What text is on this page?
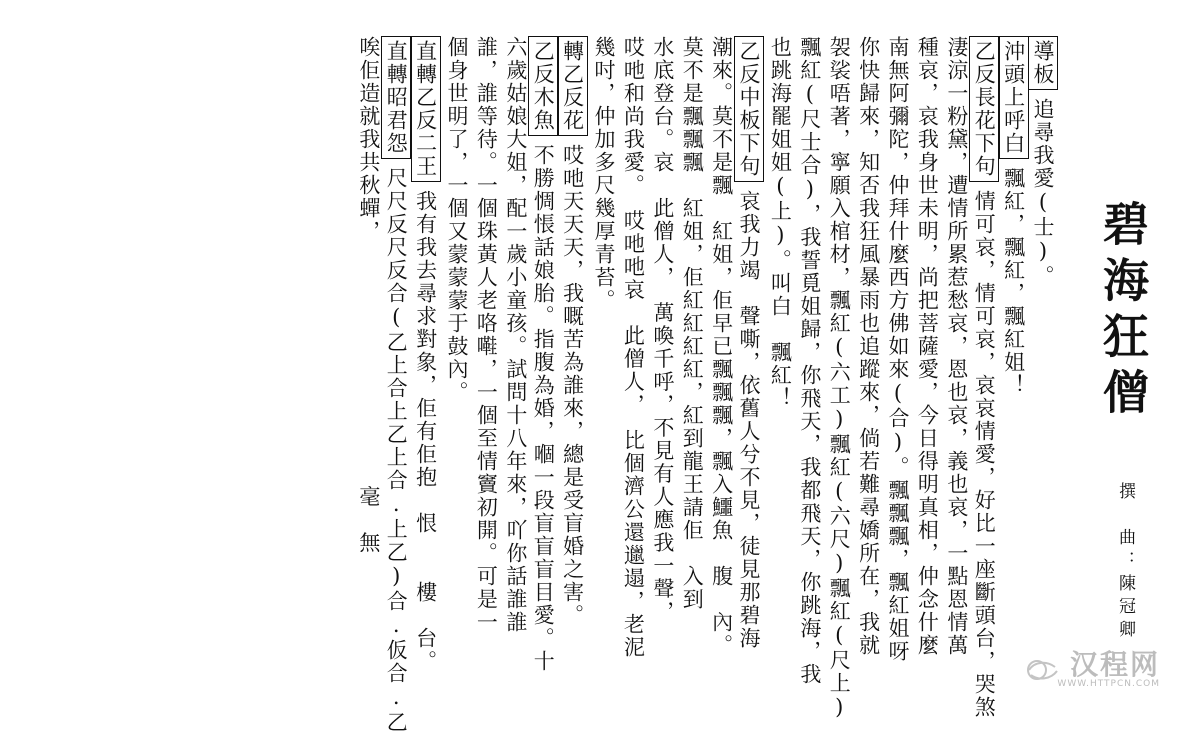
碧海狂僧
撰　曲：陳冠卿
導板追尋我愛(士)。
沖頭上呼白飄紅，飄紅，飄紅姐！
乙反長花下句情可哀，情可哀，哀哀情愛，好比一座斷頭台，哭煞
淒涼一粉黛，遭情所累惹愁哀，恩也哀，義也哀，一點恩情萬
種哀，哀我身世未明，尚把菩薩愛，今日得明真相，仲念什麼
南無阿彌陀，仲拜什麼西方佛如來(合)。飄飄飄，飄紅姐呀
你快歸來，知否我狂風暴雨也追蹤來，倘若難尋嬌所在，我就
袈裟唔著，寧願入棺材，飄紅(六工)飄紅(六尺)飄紅(尺上)
飄紅(尺士合)，我誓覓姐歸，你飛天，我都飛天，你跳海，我
也跳海罷姐姐(上)。叫白　飄紅！
乙反中板下句哀我力竭　聲嘶，依舊人兮不見，徒見那碧海
潮來。莫不是飄　紅姐，佢早已飄飄飄，飄入鱷魚　腹　內。
莫不是飄飄飄　紅姐，佢紅紅紅紅，紅到龍王請佢　入到
水底登台。哀　此僧人，　萬喚千呼，不見有人應我一聲，
哎吔和尚我愛。　哎吔吔哀　此僧人，　比個濟公還邋遢，老泥
幾吋，仲加多尺幾厚青苔。
轉乙反花哎吔天天天，我嘅苦為誰來，總是受盲婚之害。
乙反木魚不勝惆悵話娘胎。指腹為婚，嗰一段盲盲盲目愛。十
六歲姑娘大姐，配一歲小童孩。試問十八年來，吖你話誰誰
誰，誰等待。一個珠黃人老咯嚡，一個至情竇初開。可是一
個身世明了，一個又蒙蒙蒙于鼓內。
直轉乙反二王我有我去尋求對象，佢有佢抱　恨　　樓　台。
直轉昭君怨尺尺反尺反合(乙上合上乙上合.上乙)合.仮合.乙
唉佢造就我共秋蟬，　　　　　　　　　　　毫　無
汉程网
WWW.HTTPCN.COM
